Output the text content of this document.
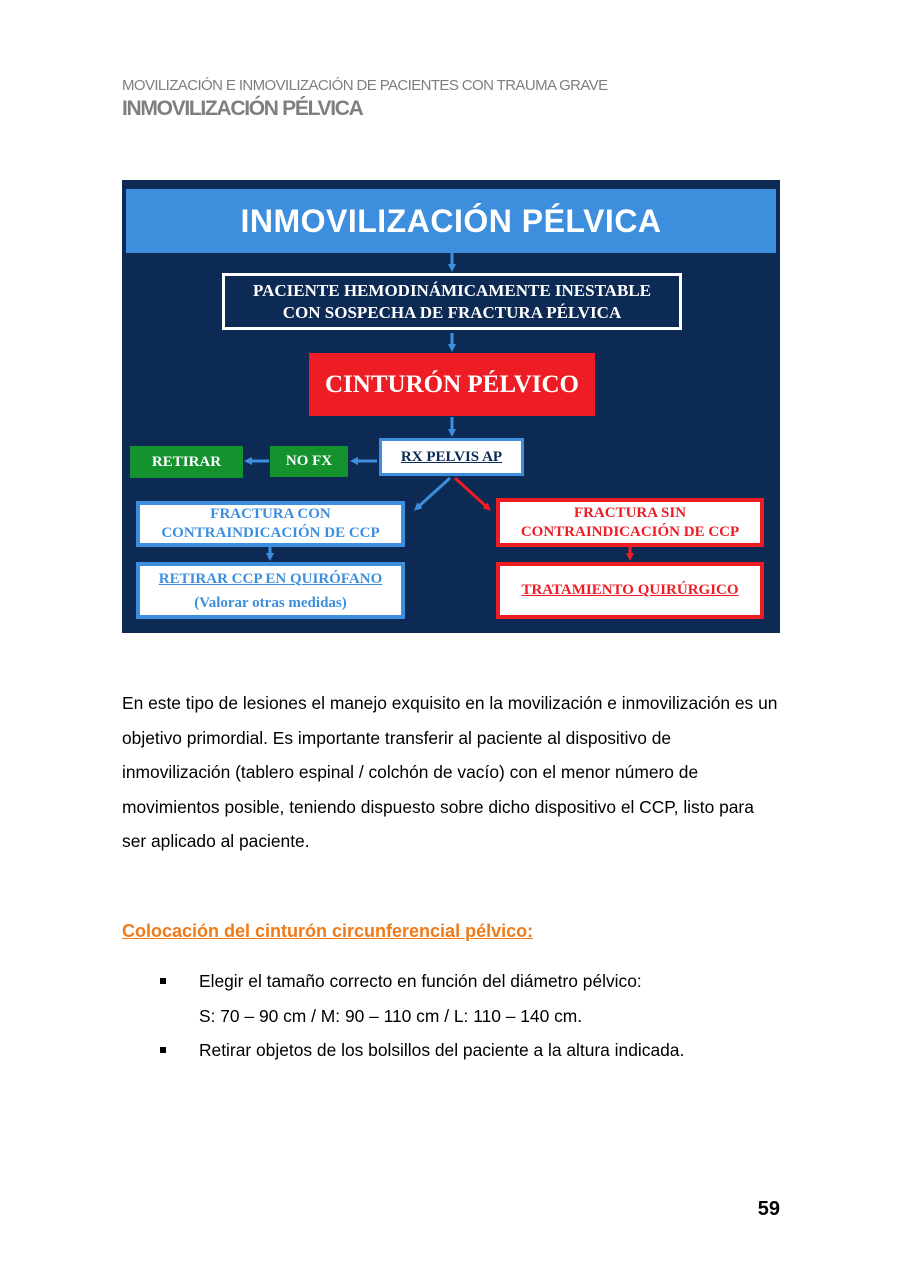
MOVILIZACIÓN E INMOVILIZACIÓN DE PACIENTES CON TRAUMA GRAVE
INMOVILIZACIÓN PÉLVICA
INMOVILIZACIÓN PÉLVICA
PACIENTE HEMODINÁMICAMENTE INESTABLE
CON SOSPECHA DE FRACTURA PÉLVICA
CINTURÓN PÉLVICO
RX PELVIS AP
NO FX
RETIRAR
FRACTURA CON
CONTRAINDICACIÓN DE CCP
FRACTURA SIN
CONTRAINDICACIÓN DE CCP
RETIRAR CCP EN QUIRÓFANO
(Valorar otras medidas)
TRATAMIENTO QUIRÚRGICO

En este tipo de lesiones el manejo exquisito en la movilización e inmovilización es un objetivo primordial. Es importante transferir al paciente al dispositivo de inmovilización (tablero espinal / colchón de vacío) con el menor número de movimientos posible, teniendo dispuesto sobre dicho dispositivo el CCP, listo para ser aplicado al paciente.

Colocación del cinturón circunferencial pélvico:
Elegir el tamaño correcto en función del diámetro pélvico:
S: 70 – 90 cm / M: 90 – 110 cm / L: 110 – 140 cm.
Retirar objetos de los bolsillos del paciente a la altura indicada.
59
